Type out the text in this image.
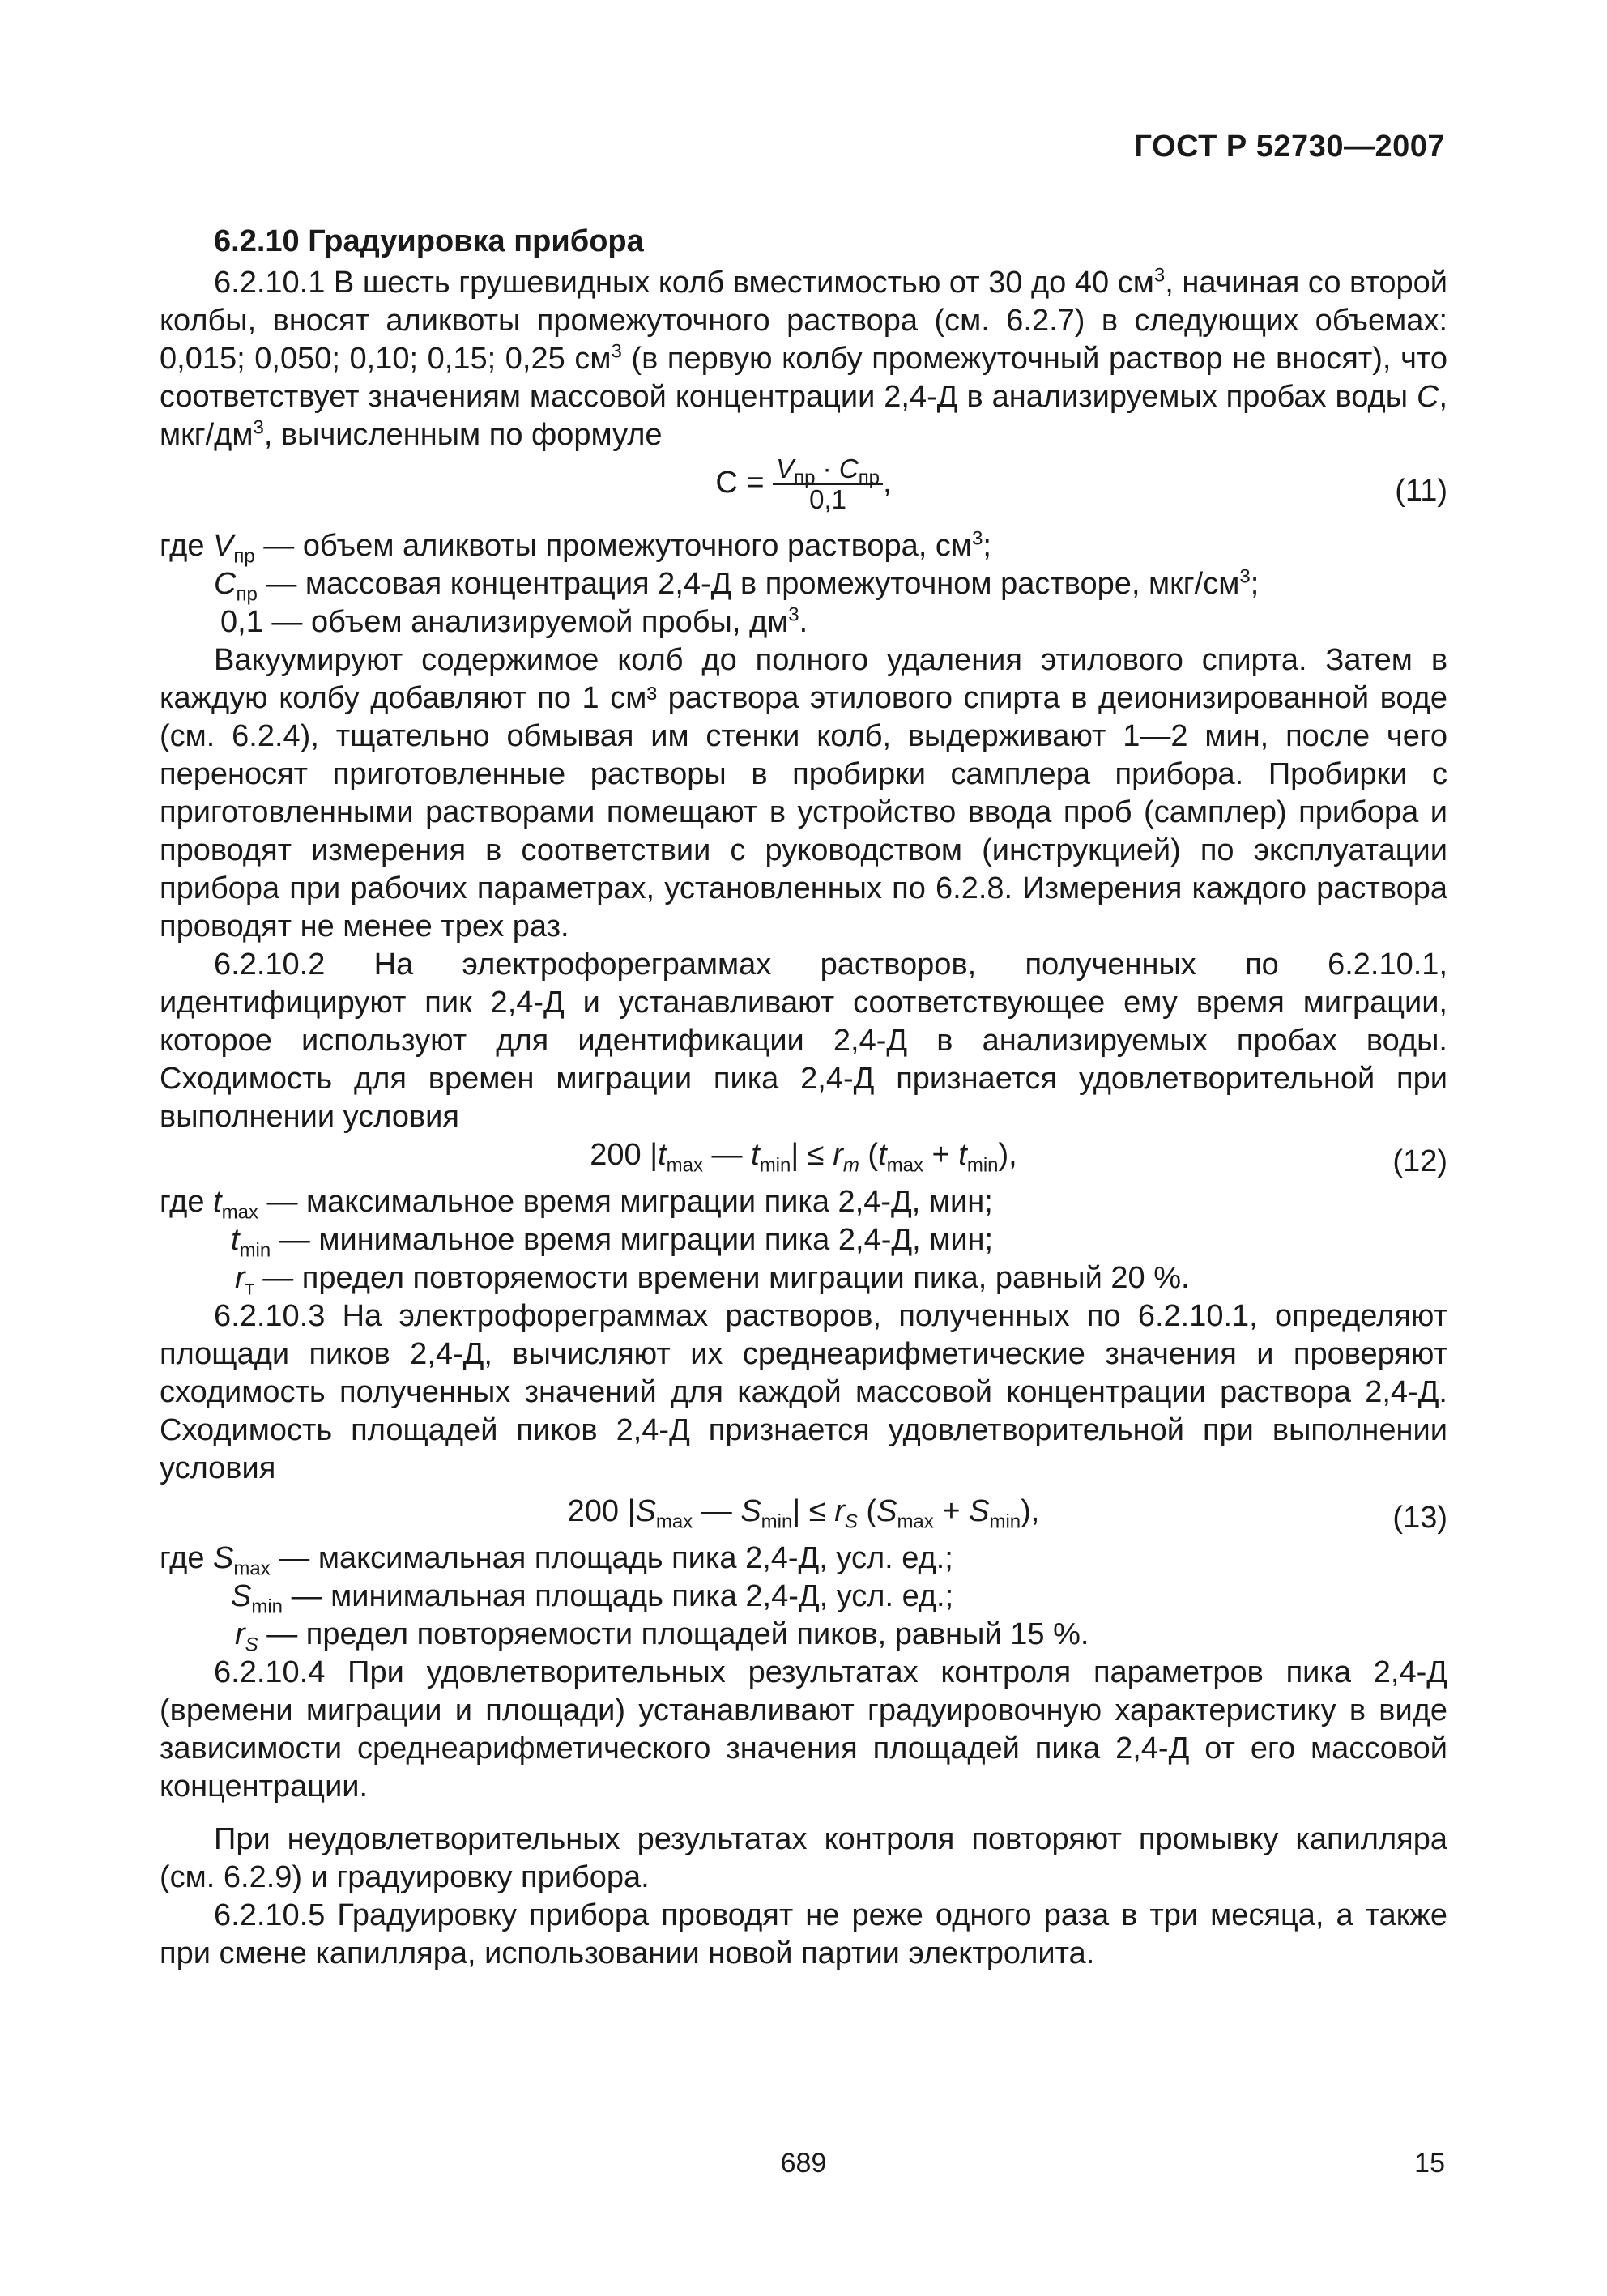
ГОСТ Р 52730—2007
6.2.10 Градуировка прибора

6.2.10.1 В шесть грушевидных колб вместимостью от 30 до 40 $см^3$, начиная со второй колбы, вносят аликвоты промежуточного раствора (см. 6.2.7) в следующих объемах: 0,015; 0,050; 0,10; 0,15; 0,25 $см^3$ (в первую колбу промежуточный раствор не вносят), что соответствует значениям массовой концентрации 2,4-Д в анализируемых пробах воды C, мкг/$дм^3$, вычисленным по формуле

$C = \frac{V_{пр} \cdot C_{пр}}{0,1}$ ,	(11)
где $V_{пр}$ — объем аликвоты промежуточного раствора, $см^3$;
$C_{пр}$ — массовая концентрация 2,4-Д в промежуточном растворе, мкг/$см^3$;
0,1 — объем анализируемой пробы, $дм^3$.

Вакуумируют содержимое колб до полного удаления этилового спирта. Затем в каждую колбу добавляют по 1 см³ раствора этилового спирта в деионизированной воде (см. 6.2.4), тщательно обмывая им стенки колб, выдерживают 1—2 мин, после чего переносят приготовленные растворы в пробирки самплера прибора. Пробирки с приготовленными растворами помещают в устройство ввода проб (самплер) прибора и проводят измерения в соответствии с руководством (инструкцией) по эксплуатации прибора при рабочих параметрах, установленных по 6.2.8. Измерения каждого раствора проводят не менее трех раз.

6.2.10.2 На электрофореграммах растворов, полученных по 6.2.10.1, идентифицируют пик 2,4-Д и устанавливают соответствующее ему время миграции, которое используют для идентификации 2,4-Д в анализируемых пробах воды. Сходимость для времен миграции пика 2,4-Д признается удовлетворительной при выполнении условия

200 $|t_{max}$ — $t_{min}| \le r_m$ $(t_{max} + t_{min})$,	(12)
где $t_{max}$ — максимальное время миграции пика 2,4-Д, мин;
$t_{min}$ — минимальное время миграции пика 2,4-Д, мин;
$r_т$ — предел повторяемости времени миграции пика, равный 20 %.

6.2.10.3 На электрофореграммах растворов, полученных по 6.2.10.1, определяют площади пиков 2,4-Д, вычисляют их среднеарифметические значения и проверяют сходимость полученных значений для каждой массовой концентрации раствора 2,4-Д. Сходимость площадей пиков 2,4-Д признается удовлетворительной при выполнении условия

200 $|S_{max}$ — $S_{min}| \le r_S$ $(S_{max} + S_{min})$,	(13)
где $S_{max}$ — максимальная площадь пика 2,4-Д, усл. ед.;
$S_{min}$ — минимальная площадь пика 2,4-Д, усл. ед.;
$r_S$ — предел повторяемости площадей пиков, равный 15 %.

6.2.10.4 При удовлетворительных результатах контроля параметров пика 2,4-Д (времени миграции и площади) устанавливают градуировочную характеристику в виде зависимости среднеарифметического значения площадей пика 2,4-Д от его массовой концентрации.

При неудовлетворительных результатах контроля повторяют промывку капилляра (см. 6.2.9) и градуировку прибора.

6.2.10.5 Градуировку прибора проводят не реже одного раза в три месяца, а также при смене капилляра, использовании новой партии электролита.

689	15
